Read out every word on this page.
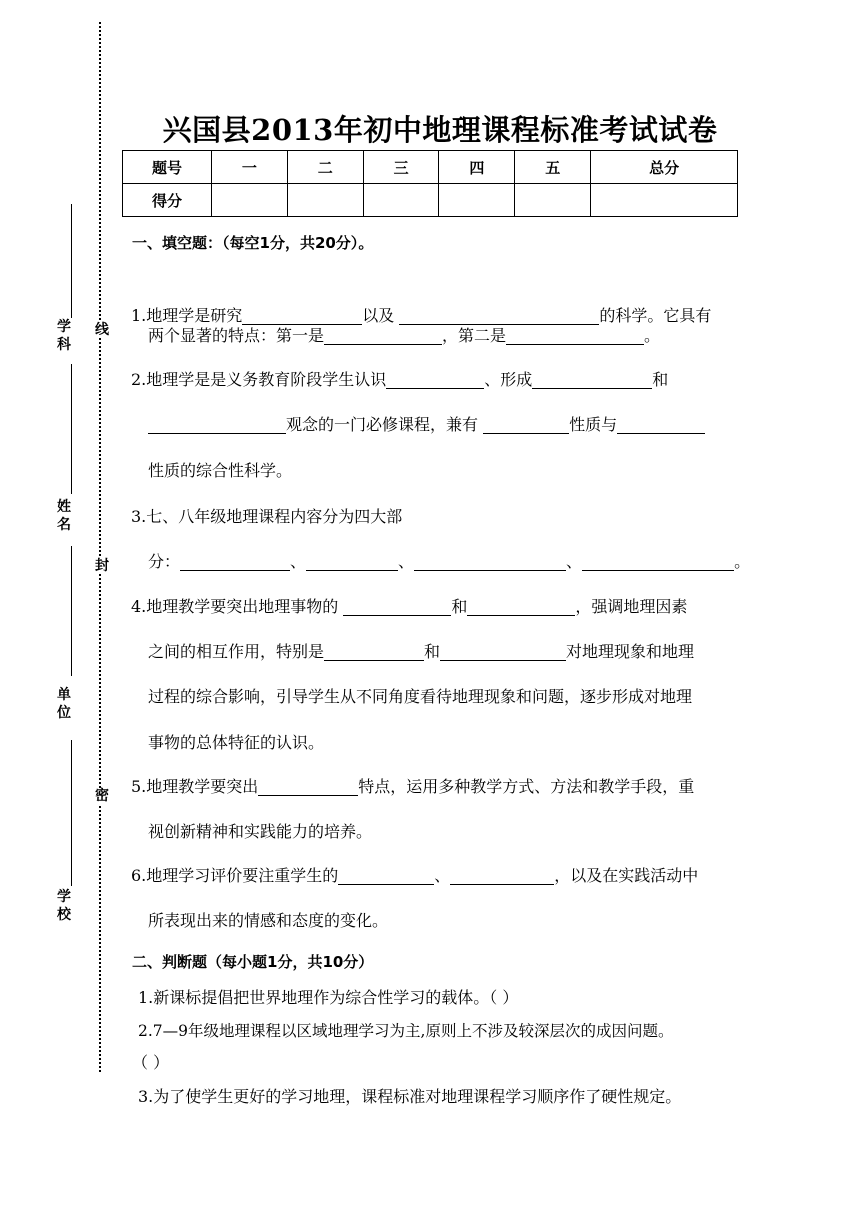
学 科
姓 名
单 位
学校
线
封
密
兴国县2013年初中地理课程标准考试试卷
题号	一	二	三	四	五	总分
得分						
一、填空题：（每空1分，共20分）。
1.地理学是研究	以及	的科学。它具有
两个显著的特点：第一是	，第二是	。
2.地理学是是义务教育阶段学生认识	、形成	和
观念的一门必修课程，兼有	性质与
性质的综合性科学。
3.七、八年级地理课程内容分为四大部
分：	、	、	、	。
4.地理教学要突出地理事物的	和	，强调地理因素
之间的相互作用，特别是	和	对地理现象和地理
过程的综合影响，引导学生从不同角度看待地理现象和问题，逐步形成对地理
事物的总体特征的认识。
5.地理教学要突出	特点，运用多种教学方式、方法和教学手段，重
视创新精神和实践能力的培养。
6.地理学习评价要注重学生的	、	，以及在实践活动中
所表现出来的情感和态度的变化。
二、判断题（每小题1分，共10分）
1.新课标提倡把世界地理作为综合性学习的载体。（ ）
2.7—9年级地理课程以区域地理学习为主,原则上不涉及较深层次的成因问题。
（ ）
3.为了使学生更好的学习地理，课程标准对地理课程学习顺序作了硬性规定。
